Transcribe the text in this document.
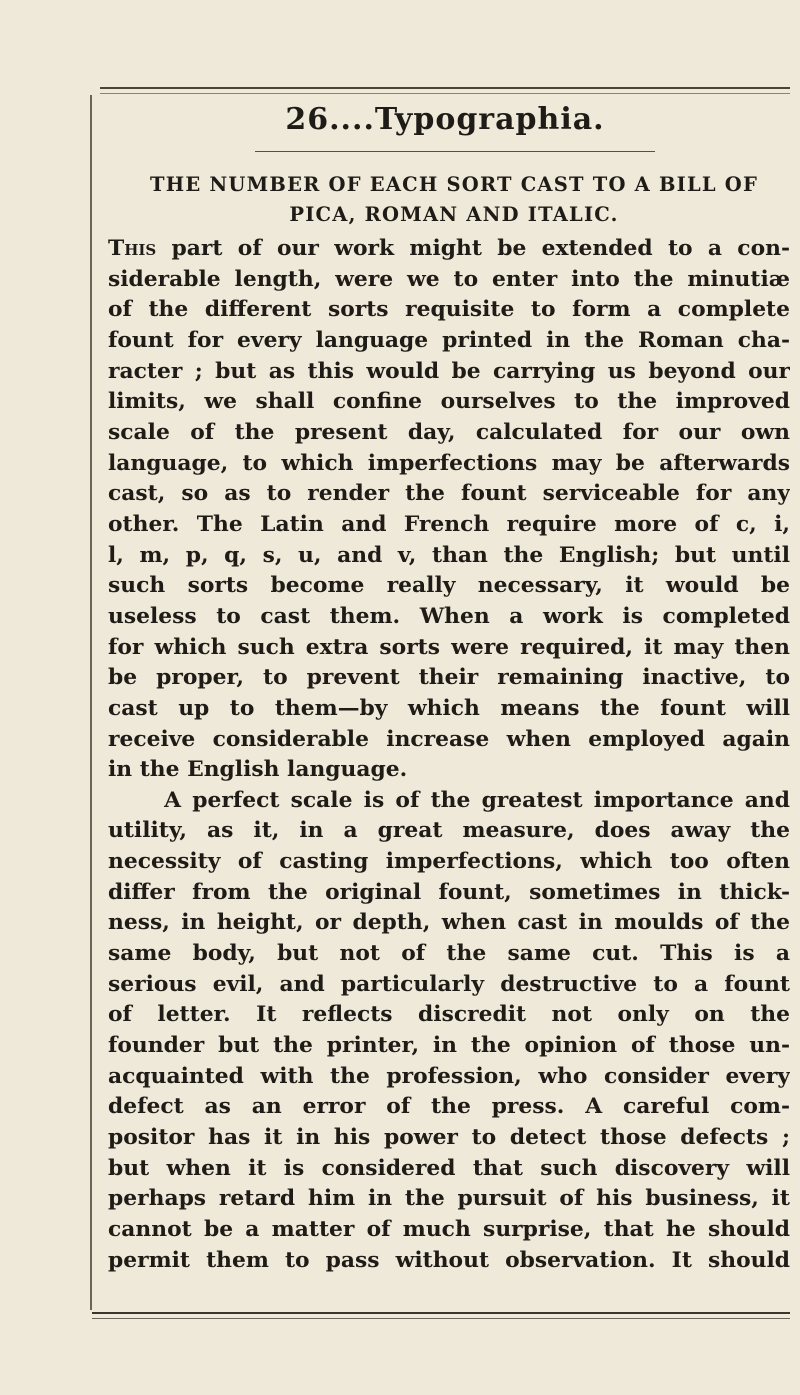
26....Typographia.
THE NUMBER OF EACH SORT CAST TO A BILL OF
PICA, ROMAN AND ITALIC.
This part of our work might be extended to a con-
siderable length, were we to enter into the minutiæ
of the different sorts requisite to form a complete
fount for every language printed in the Roman cha-
racter ; but as this would be carrying us beyond our
limits, we shall confine ourselves to the improved
scale of the present day, calculated for our own
language, to which imperfections may be afterwards
cast, so as to render the fount serviceable for any
other. The Latin and French require more of c, i,
l, m, p, q, s, u, and v, than the English; but until
such sorts become really necessary, it would be
useless to cast them. When a work is completed
for which such extra sorts were required, it may then
be proper, to prevent their remaining inactive, to
cast up to them—by which means the fount will
receive considerable increase when employed again
in the English language.
A perfect scale is of the greatest importance and
utility, as it, in a great measure, does away the
necessity of casting imperfections, which too often
differ from the original fount, sometimes in thick-
ness, in height, or depth, when cast in moulds of the
same body, but not of the same cut. This is a
serious evil, and particularly destructive to a fount
of letter. It reflects discredit not only on the
founder but the printer, in the opinion of those un-
acquainted with the profession, who consider every
defect as an error of the press. A careful com-
positor has it in his power to detect those defects ;
but when it is considered that such discovery will
perhaps retard him in the pursuit of his business, it
cannot be a matter of much surprise, that he should
permit them to pass without observation. It should
